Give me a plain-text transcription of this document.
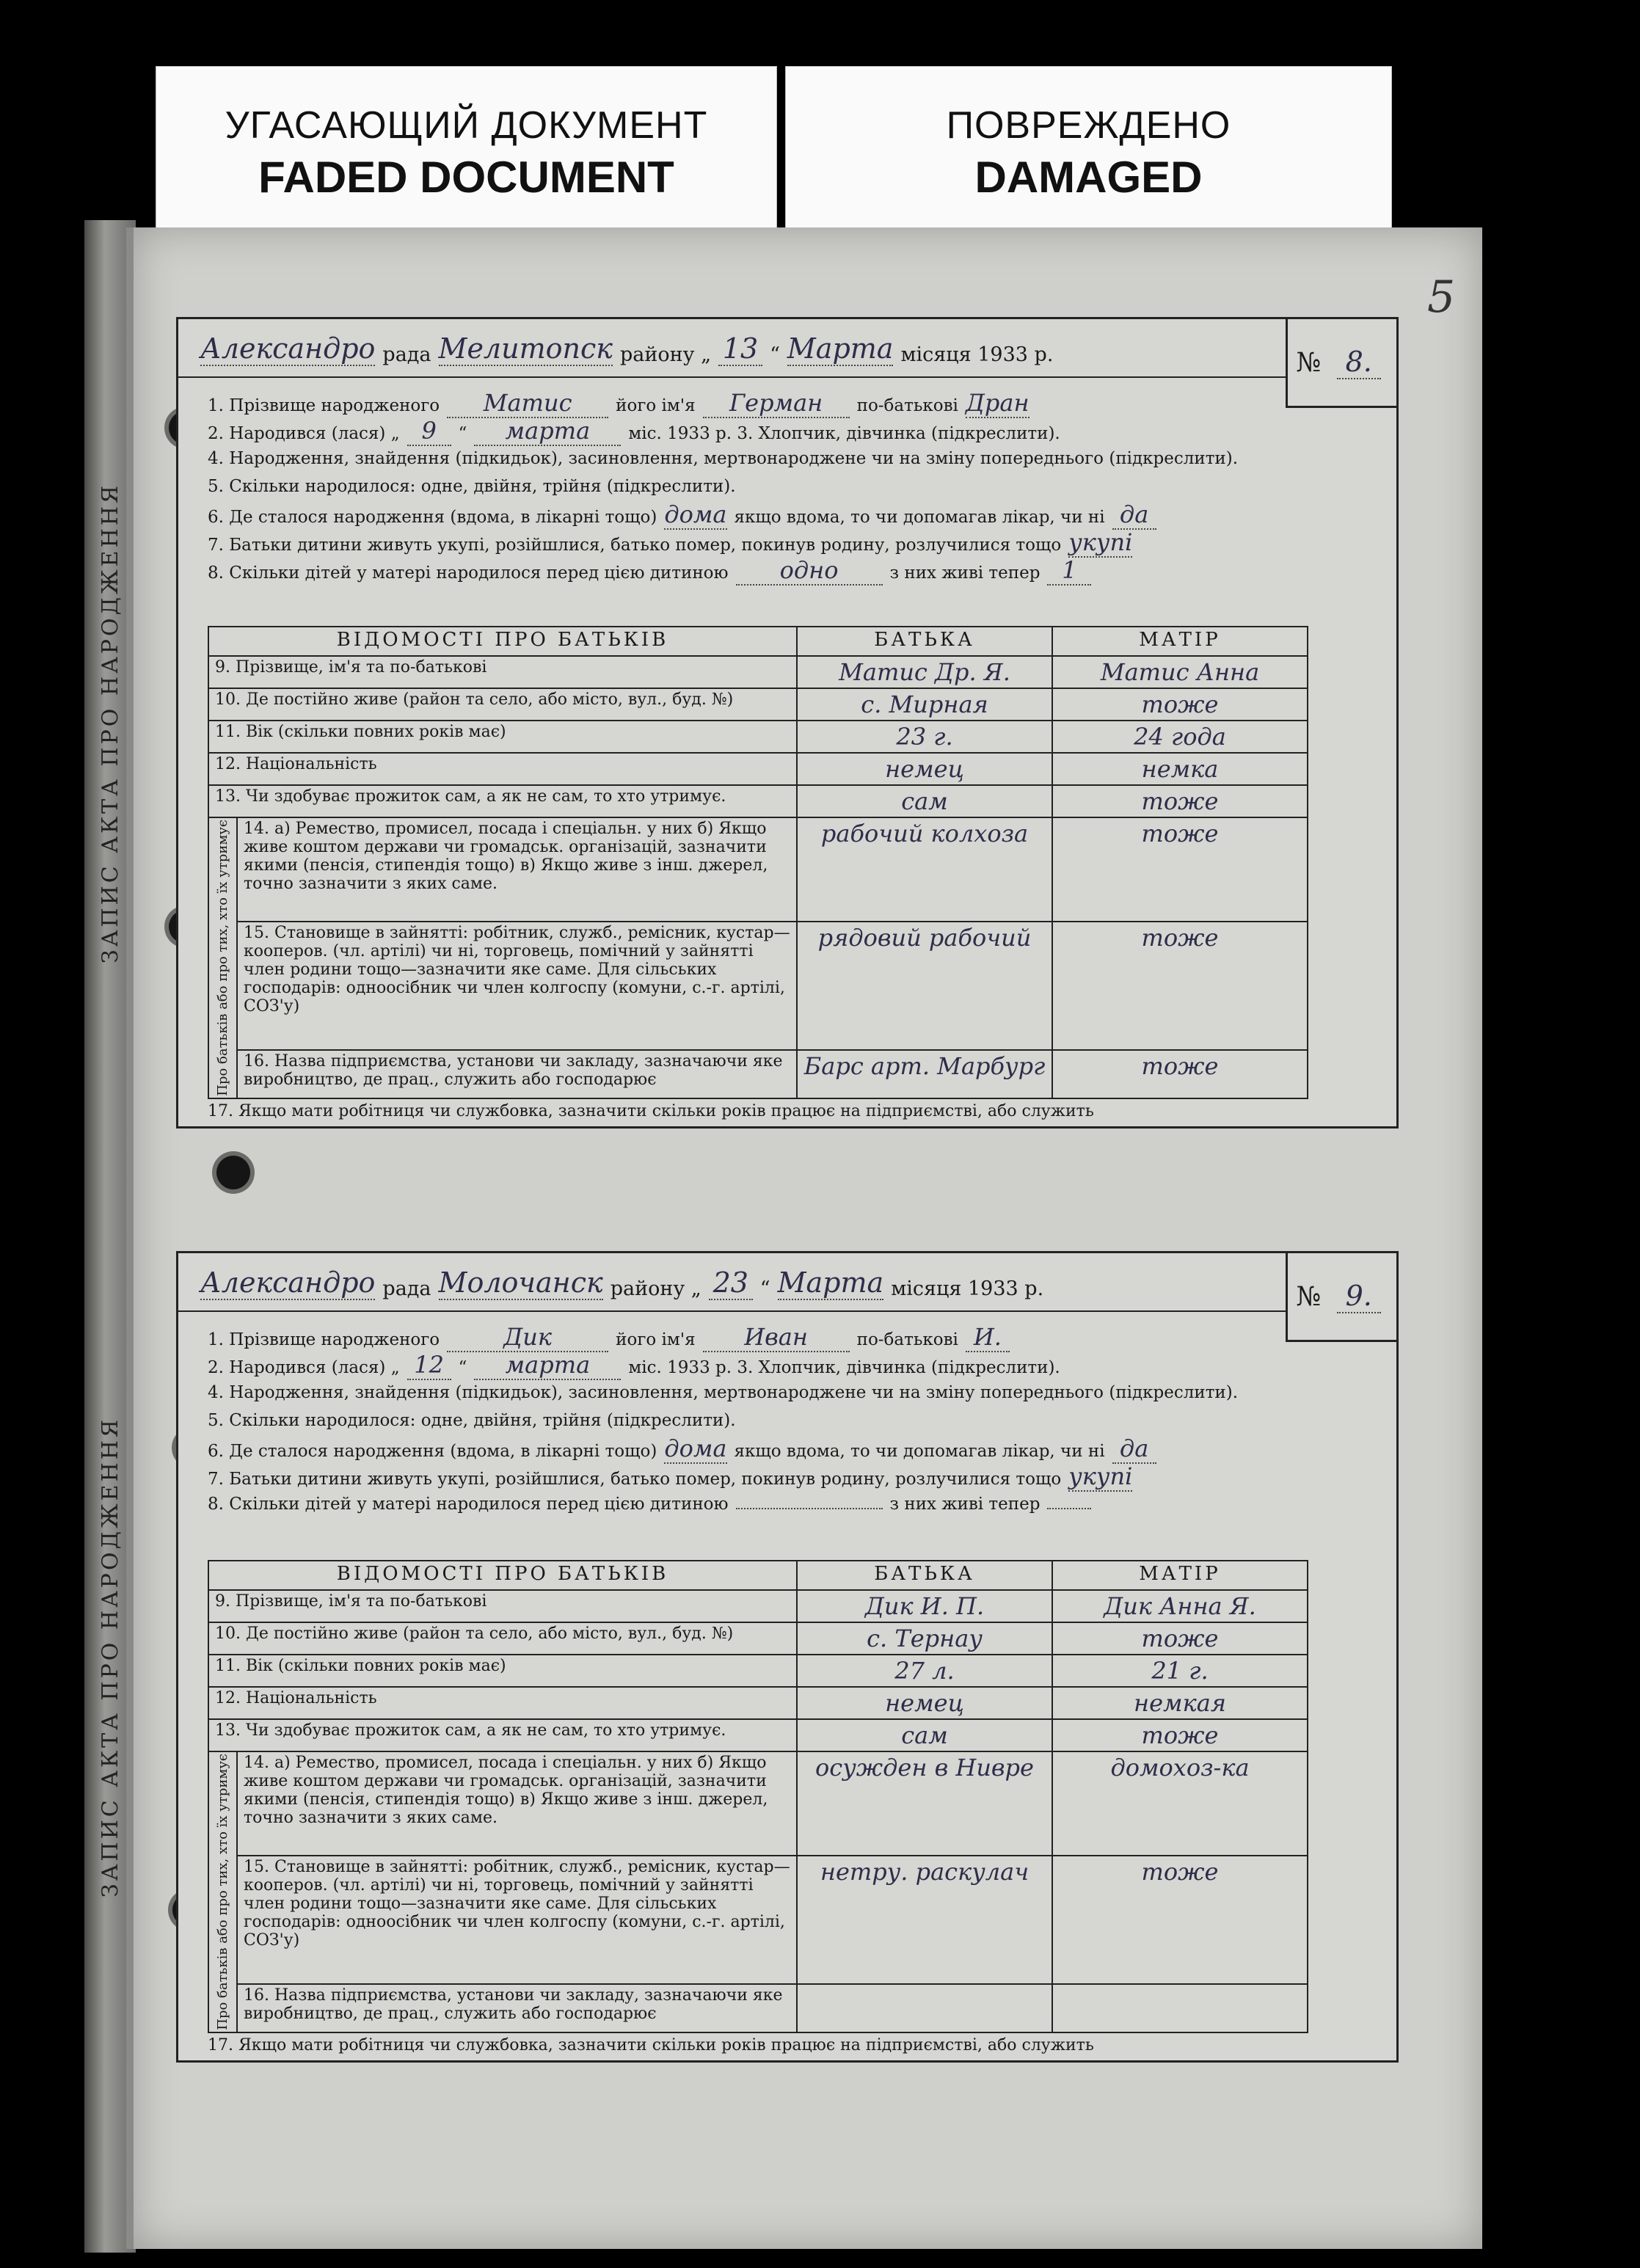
УГАСАЮЩИЙ ДОКУМЕНТ
FADED DOCUMENT
ПОВРЕЖДЕНО
DAMAGED
5
ЗАПИС АКТА ПРО НАРОДЖЕННЯ
Александро рада Мелитопск району „ 13 “ Марта місяця 193 3
р.	№
8.
1. Прізвище народженого Матис	його ім'я Герман по-батькові Дран
2. Народився (лася) „ 9 “ марта міс. 1933 р. 3. Хлопчик, дівчинка (підкреслити).
4. Народження, знайдення (підкидьок), засиновлення, мертвонароджене чи на зміну попереднього (підкреслити).
5. Скільки народилося: одне, двійня, трійня (підкреслити).
6. Де сталося народження (вдома, в лікарні тощо) дома якщо вдома, то чи допомагав лікар, чи ні да
7. Батьки дитини живуть укупі, розійшлися, батько помер, покинув родину, розлучилися тощо укупі
8. Скільки дітей у матері народилося перед цією дитиною одно	з них живі тепер 1
ВІДОМОСТІ ПРО БАТЬКІВ		БАТЬКА	МАТІР
9. Прізвище, ім'я та по-батькові		Матис Др. Я.	Матис Анна
10. Де постійно живе (район та село, або місто, вул., буд. №)		с. Мирная	тоже
11. Вік (скільки повних років має)		23 г.	24 года
12. Національність		немец	немка
13. Чи здобуває прожиток сам, а як не сам, то хто утримує.		сам	тоже
Про батьків або про тих, хто їх утримує	14. а) Ремество, промисел, посада і спеціальн. у них б) Якщо живе коштом держави чи громадськ. організацій, зазначити якими (пенсія, стипендія тощо) в) Якщо живе з інш. джерел, точно зазначити з яких саме.	рабочий колхоза	тоже
	15. Становище в зайнятті: робітник, служб., ремісник, кустар—кооперов. (чл. артілі) чи ні, торговець, помічний у зайнятті член родини тощо—зазначити яке саме. Для сільських господарів: одноосібник чи член колгоспу (комуни, с.-г. артілі, СОЗ'у)	рядовий рабочий	тоже
	16. Назва підприємства, установи чи закладу, зазначаючи яке виробництво, де прац., служить або господарює	Барс арт. Марбург	тоже
17. Якщо мати робітниця чи службовка, зазначити скільки років працює на підприємстві, або служить
ЗАПИС АКТА ПРО НАРОДЖЕННЯ
Александро рада Молочанск району „ 23 “ Марта місяця 193 3
р.	№
9.
1. Прізвище народженого	Дик	його ім'я Иван	по-батькові И.
2. Народився (лася) „ 12 “ марта міс. 1933 р. 3. Хлопчик, дівчинка (підкреслити).
4. Народження, знайдення (підкидьок), засиновлення, мертвонароджене чи на зміну попереднього (підкреслити).
5. Скільки народилося: одне, двійня, трійня (підкреслити).
6. Де сталося народження (вдома, в лікарні тощо) дома якщо вдома, то чи допомагав лікар, чи ні да
7. Батьки дитини живуть укупі, розійшлися, батько помер, покинув родину, розлучилися тощо укупі
8. Скільки дітей у матері народилося перед цією дитиною	з них живі тепер
ВІДОМОСТІ ПРО БАТЬКІВ		БАТЬКА	МАТІР
9. Прізвище, ім'я та по-батькові		Дик И. П.	Дик Анна Я.
10. Де постійно живе (район та село, або місто, вул., буд. №)		с. Тернау	тоже
11. Вік (скільки повних років має)		27 л.	21 г.
12. Національність		немец	немкая
13. Чи здобуває прожиток сам, а як не сам, то хто утримує.		сам	тоже
Про батьків або про тих, хто їх утримує	14. а) Ремество, промисел, посада і спеціальн. у них б) Якщо живе коштом держави чи громадськ. організацій, зазначити якими (пенсія, стипендія тощо) в) Якщо живе з інш. джерел, точно зазначити з яких саме.	осужден в Нивре	домохоз-ка
	15. Становище в зайнятті: робітник, служб., ремісник, кустар—кооперов. (чл. артілі) чи ні, торговець, помічний у зайнятті член родини тощо—зазначити яке саме. Для сільських господарів: одноосібник чи член колгоспу (комуни, с.-г. артілі, СОЗ'у)	нетру. раскулач	тоже
	16. Назва підприємства, установи чи закладу, зазначаючи яке виробництво, де прац., служить або господарює		
17. Якщо мати робітниця чи службовка, зазначити скільки років працює на підприємстві, або служить
